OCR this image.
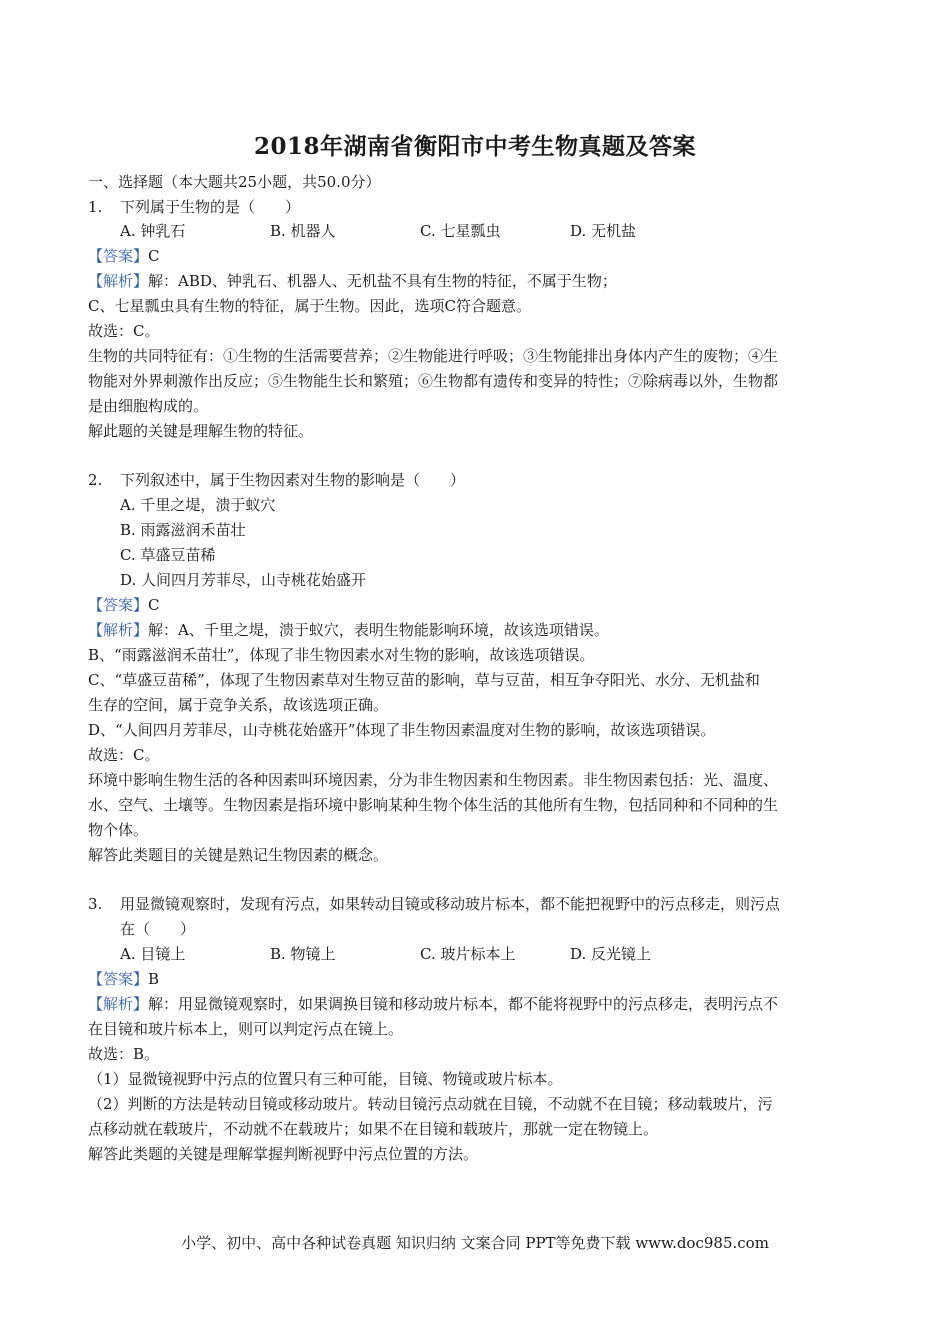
2018年湖南省衡阳市中考生物真题及答案
一、选择题（本大题共25小题，共50.0分）
1. 下列属于生物的是（　　）
A. 钟乳石	B. 机器人	C. 七星瓢虫	D. 无机盐
【答案】C
【解析】解：ABD、钟乳石、机器人、无机盐不具有生物的特征，不属于生物；
C、七星瓢虫具有生物的特征，属于生物。因此，选项C符合题意。
故选：C。
生物的共同特征有：①生物的生活需要营养；②生物能进行呼吸；③生物能排出身体内产生的废物；④生
物能对外界刺激作出反应；⑤生物能生长和繁殖；⑥生物都有遗传和变异的特性；⑦除病毒以外，生物都
是由细胞构成的。
解此题的关键是理解生物的特征。
2. 下列叙述中，属于生物因素对生物的影响是（　　）
A. 千里之堤，溃于蚁穴
B. 雨露滋润禾苗壮
C. 草盛豆苗稀
D. 人间四月芳菲尽，山寺桃花始盛开
【答案】C
【解析】解：A、千里之堤，溃于蚁穴，表明生物能影响环境，故该选项错误。
B、“雨露滋润禾苗壮”，体现了非生物因素水对生物的影响，故该选项错误。
C、“草盛豆苗稀”，体现了生物因素草对生物豆苗的影响，草与豆苗，相互争夺阳光、水分、无机盐和
生存的空间，属于竞争关系，故该选项正确。
D、“人间四月芳菲尽，山寺桃花始盛开”体现了非生物因素温度对生物的影响，故该选项错误。
故选：C。
环境中影响生物生活的各种因素叫环境因素，分为非生物因素和生物因素。非生物因素包括：光、温度、
水、空气、土壤等。生物因素是指环境中影响某种生物个体生活的其他所有生物，包括同种和不同种的生
物个体。
解答此类题目的关键是熟记生物因素的概念。
3. 用显微镜观察时，发现有污点，如果转动目镜或移动玻片标本，都不能把视野中的污点移走，则污点
在（　　）
A. 目镜上	B. 物镜上	C. 玻片标本上	D. 反光镜上
【答案】B
【解析】解：用显微镜观察时，如果调换目镜和移动玻片标本，都不能将视野中的污点移走，表明污点不
在目镜和玻片标本上，则可以判定污点在镜上。
故选：B。
（1）显微镜视野中污点的位置只有三种可能，目镜、物镜或玻片标本。
（2）判断的方法是转动目镜或移动玻片。转动目镜污点动就在目镜，不动就不在目镜；移动载玻片，污
点移动就在载玻片，不动就不在载玻片；如果不在目镜和载玻片，那就一定在物镜上。
解答此类题的关键是理解掌握判断视野中污点位置的方法。
小学、初中、高中各种试卷真题 知识归纳 文案合同 PPT等免费下载 www.doc985.com
